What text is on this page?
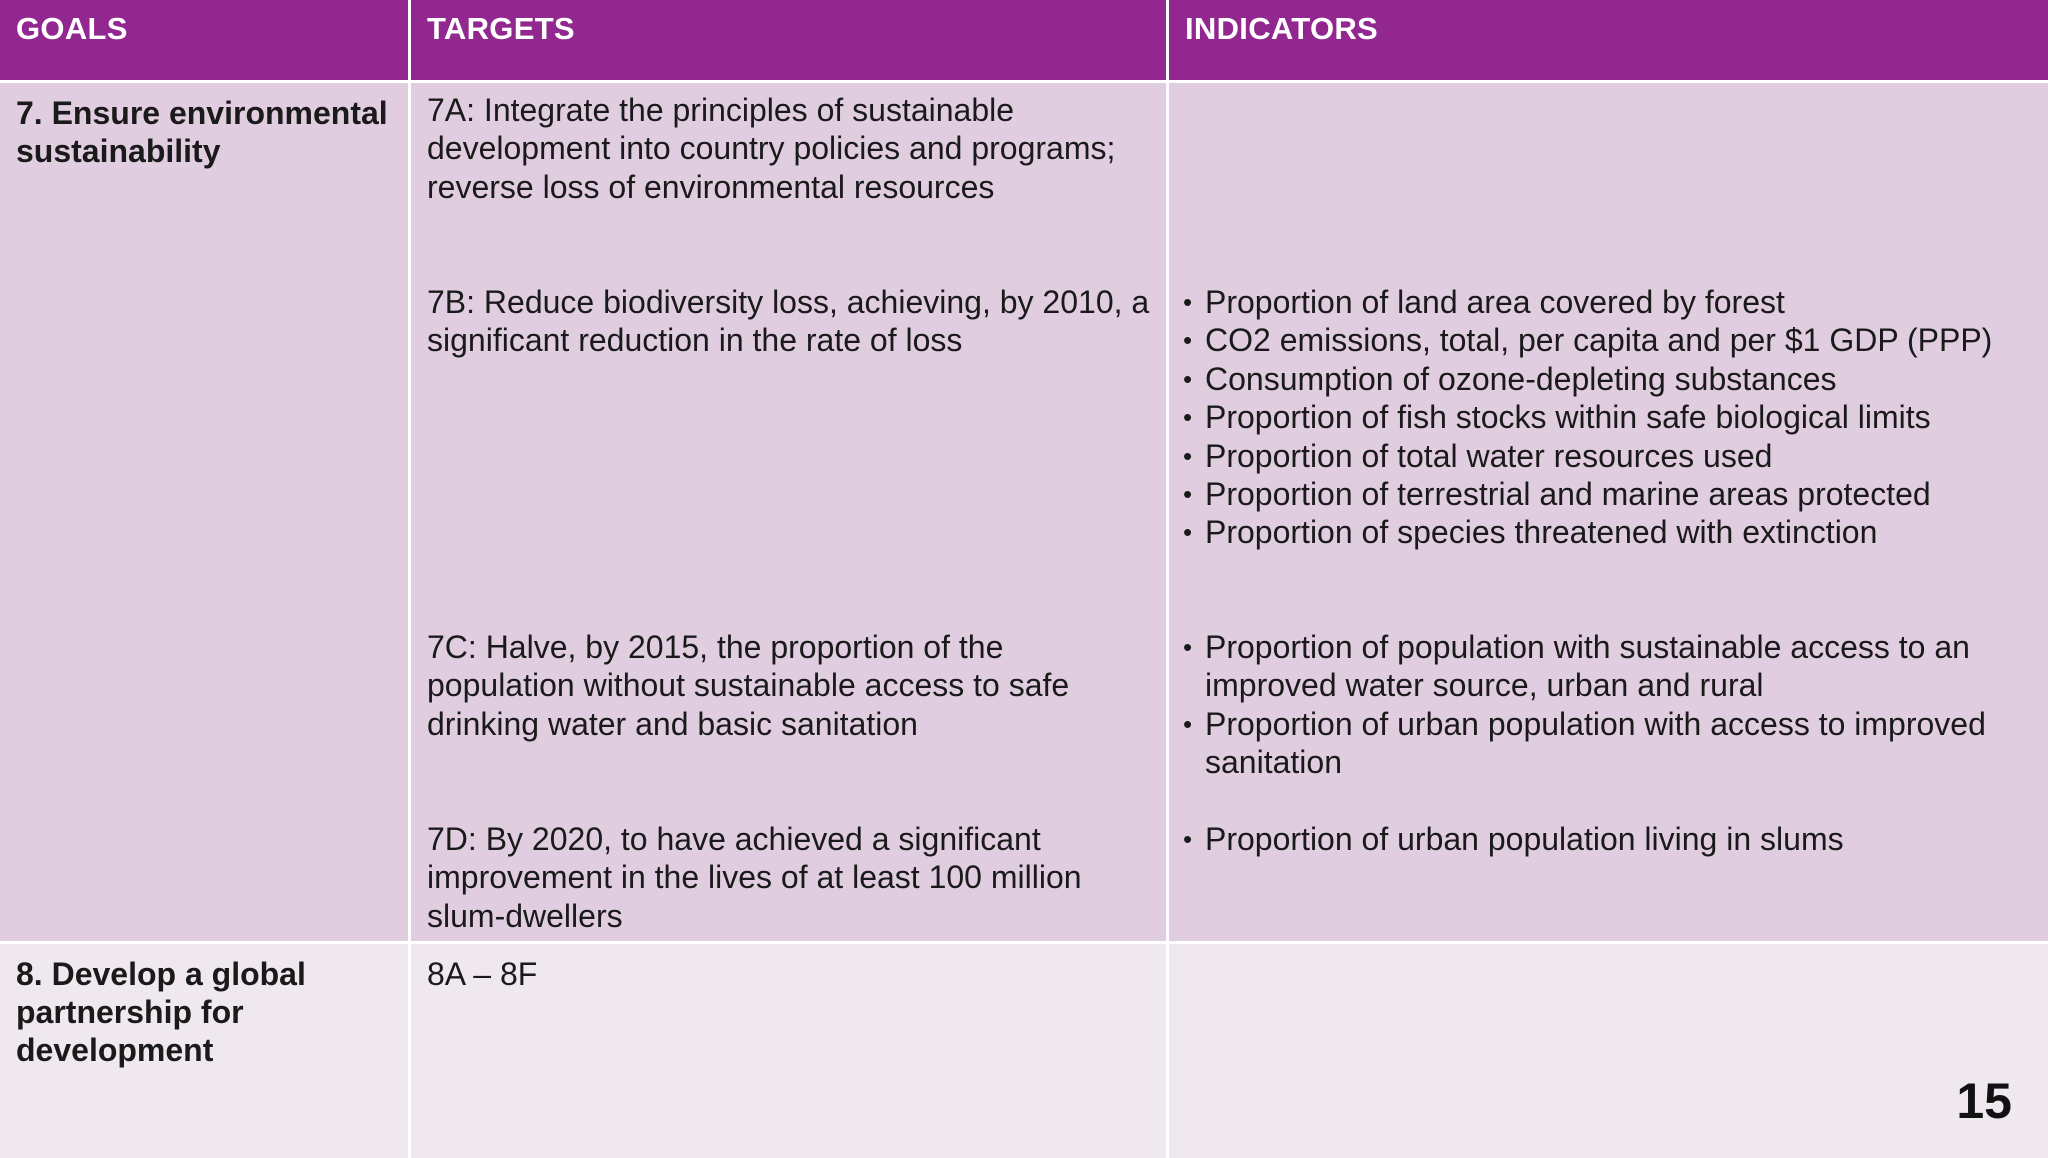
GOALS	TARGETS	INDICATORS

7. Ensure environmental sustainability

7A: Integrate the principles of sustainable development into country policies and programs; reverse loss of environmental resources

7B: Reduce biodiversity loss, achieving, by 2010, a significant reduction in the rate of loss

7C: Halve, by 2015, the proportion of the population without sustainable access to safe drinking water and basic sanitation

7D: By 2020, to have achieved a significant improvement in the lives of at least 100 million slum-dwellers

• Proportion of land area covered by forest
• CO2 emissions, total, per capita and per $1 GDP (PPP)
• Consumption of ozone-depleting substances
• Proportion of fish stocks within safe biological limits
• Proportion of total water resources used
• Proportion of terrestrial and marine areas protected
• Proportion of species threatened with extinction
• Proportion of population with sustainable access to an improved water source, urban and rural
• Proportion of urban population with access to improved sanitation
• Proportion of urban population living in slums

8. Develop a global partnership for development

8A – 8F

15
